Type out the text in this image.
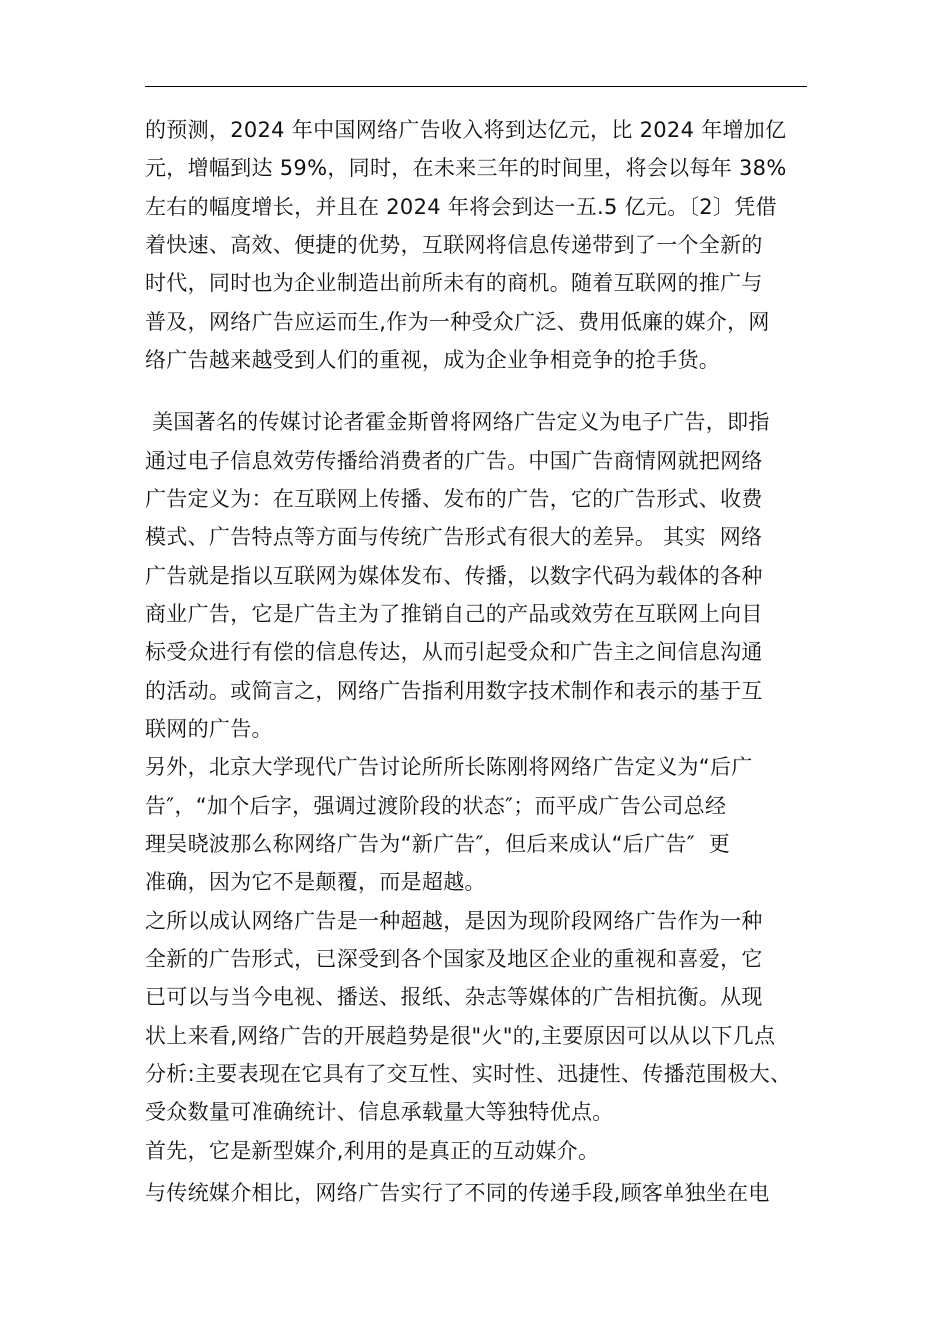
的预测，2024 年中国网络广告收入将到达亿元，比 2024 年增加亿
元，增幅到达 59%，同时，在未来三年的时间里，将会以每年 38%
左右的幅度增长，并且在 2024 年将会到达一五.5 亿元。〔2〕凭借
着快速、高效、便捷的优势，互联网将信息传递带到了一个全新的
时代，同时也为企业制造出前所未有的商机。随着互联网的推广与
普及，网络广告应运而生,作为一种受众广泛、费用低廉的媒介，网
络广告越来越受到人们的重视，成为企业争相竞争的抢手货。
美国著名的传媒讨论者霍金斯曾将网络广告定义为电子广告，即指
通过电子信息效劳传播给消费者的广告。中国广告商情网就把网络
广告定义为：在互联网上传播、发布的广告，它的广告形式、收费
模式、广告特点等方面与传统广告形式有很大的差异。 其实  网络
广告就是指以互联网为媒体发布、传播，以数字代码为载体的各种
商业广告，它是广告主为了推销自己的产品或效劳在互联网上向目
标受众进行有偿的信息传达，从而引起受众和广告主之间信息沟通
的活动。或简言之，网络广告指利用数字技术制作和表示的基于互
联网的广告。
另外，北京大学现代广告讨论所所长陈刚将网络广告定义为“后广
告″，“加个后字，强调过渡阶段的状态″；而平成广告公司总经
理吴晓波那么称网络广告为“新广告″，但后来成认“后广告″  更
准确，因为它不是颠覆，而是超越。
之所以成认网络广告是一种超越，是因为现阶段网络广告作为一种
全新的广告形式，已深受到各个国家及地区企业的重视和喜爱，它
已可以与当今电视、播送、报纸、杂志等媒体的广告相抗衡。从现
状上来看,网络广告的开展趋势是很"火"的,主要原因可以从以下几点
分析:主要表现在它具有了交互性、实时性、迅捷性、传播范围极大、
受众数量可准确统计、信息承载量大等独特优点。
首先，它是新型媒介,利用的是真正的互动媒介。
与传统媒介相比，网络广告实行了不同的传递手段,顾客单独坐在电
